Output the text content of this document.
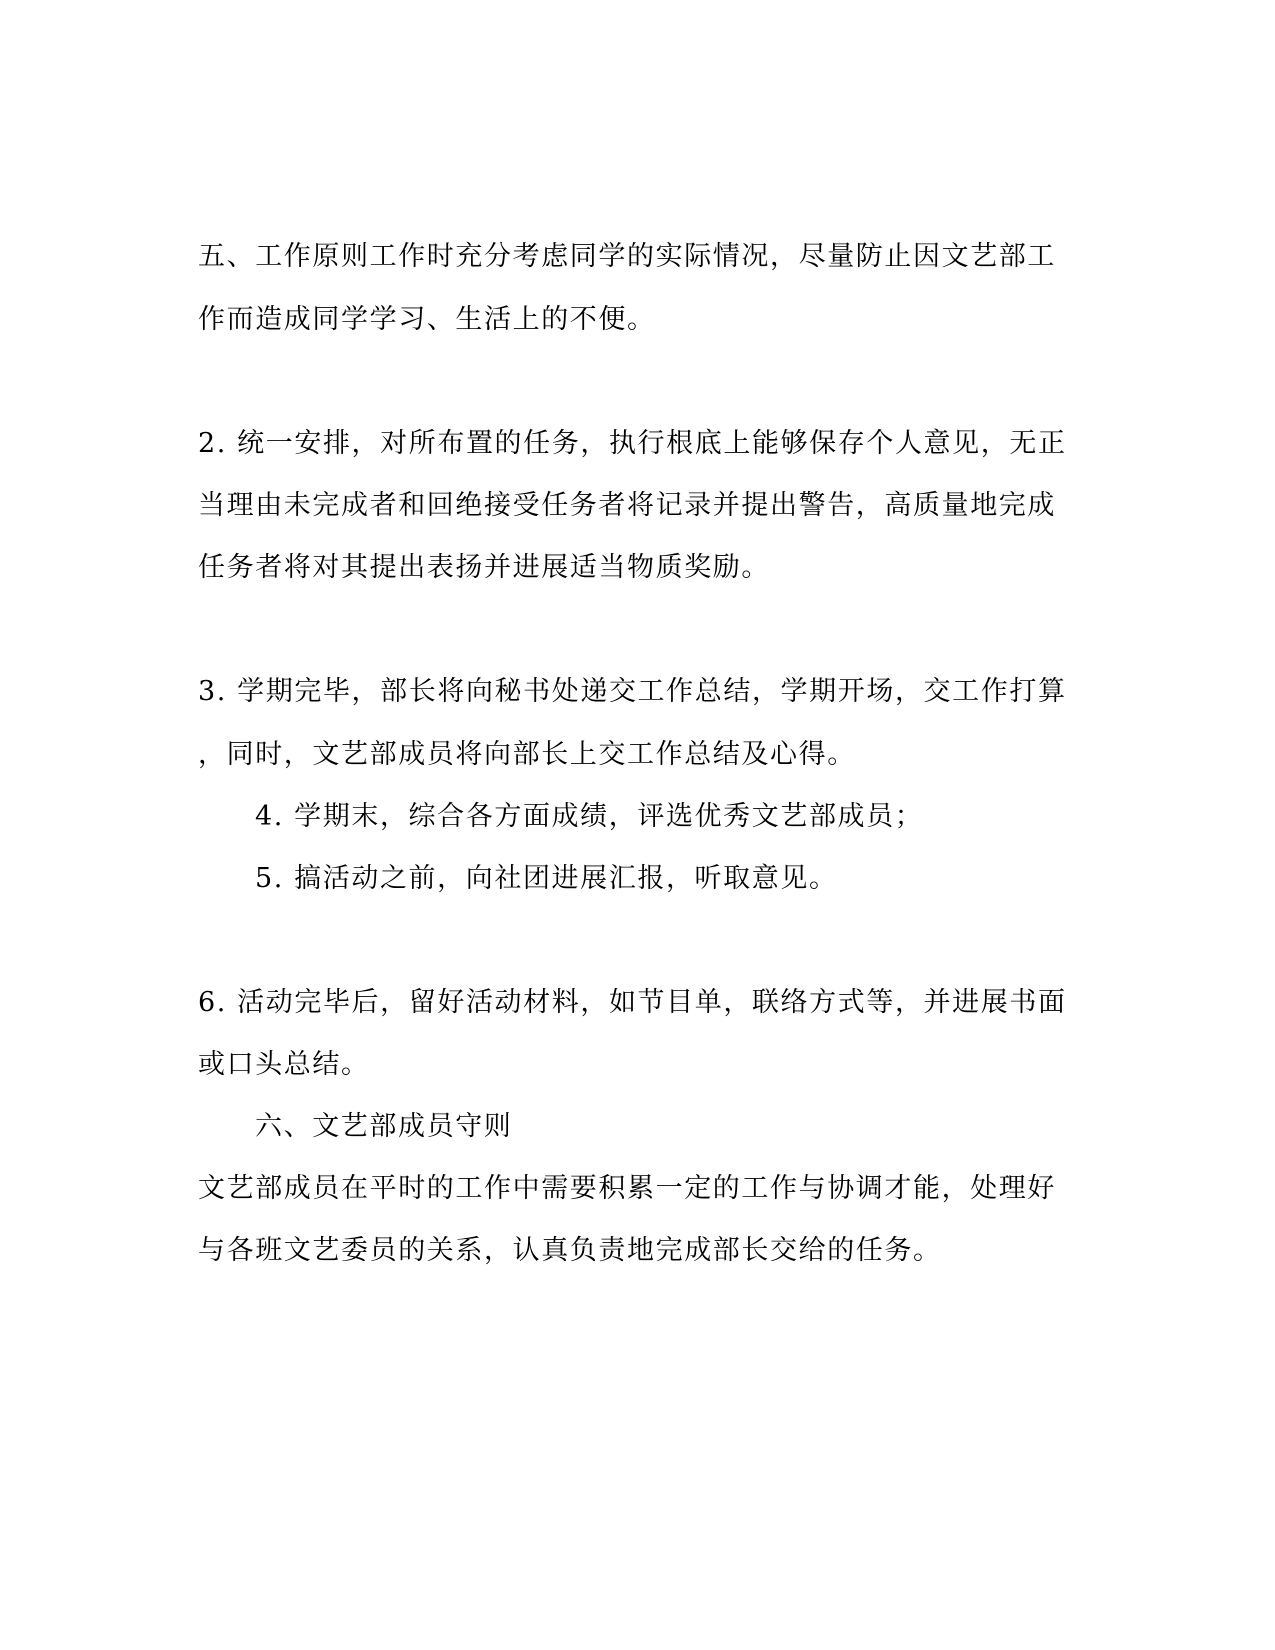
五、工作原则工作时充分考虑同学的实际情况，尽量防止因文艺部工
作而造成同学学习、生活上的不便。
2. 统一安排，对所布置的任务，执行根底上能够保存个人意见，无正
当理由未完成者和回绝接受任务者将记录并提出警告，高质量地完成
任务者将对其提出表扬并进展适当物质奖励。
3. 学期完毕，部长将向秘书处递交工作总结，学期开场，交工作打算
，同时，文艺部成员将向部长上交工作总结及心得。
4. 学期末，综合各方面成绩，评选优秀文艺部成员；
5. 搞活动之前，向社团进展汇报，听取意见。
6. 活动完毕后，留好活动材料，如节目单，联络方式等，并进展书面
或口头总结。
六、文艺部成员守则
文艺部成员在平时的工作中需要积累一定的工作与协调才能，处理好
与各班文艺委员的关系，认真负责地完成部长交给的任务。
